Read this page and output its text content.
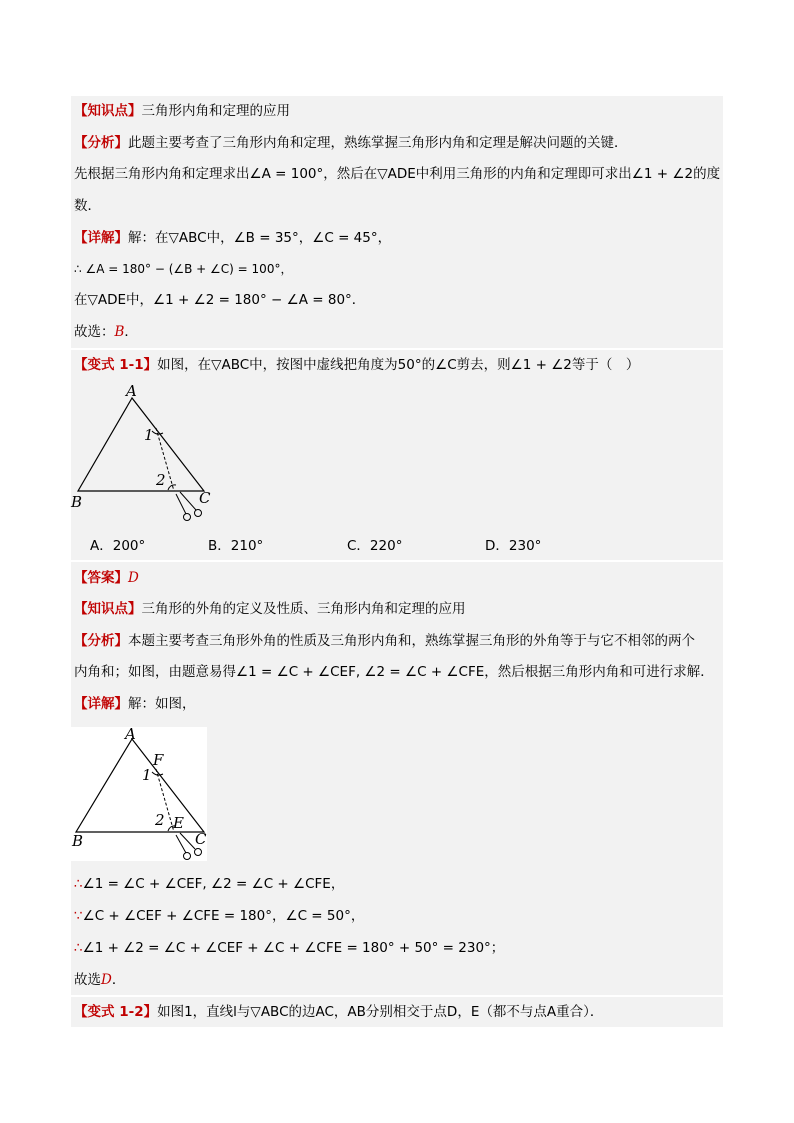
【知识点】三角形内角和定理的应用
【分析】此题主要考查了三角形内角和定理，熟练掌握三角形内角和定理是解决问题的关键．
先根据三角形内角和定理求出∠A = 100°，然后在▽ADE中利用三角形的内角和定理即可求出∠1 + ∠2的度
数．
【详解】解：在▽ABC中，∠B = 35°，∠C = 45°，
∴ ∠A = 180° − (∠B + ∠C) = 100°，
在▽ADE中，∠1 + ∠2 = 180° − ∠A = 80°．
故选：B．
【变式 1-1】如图，在▽ABC中，按图中虚线把角度为50°的∠C剪去，则∠1 + ∠2等于（　）
A
B	C
1
2
A．200°	B．210°	C．220°	D．230°
【答案】D
【知识点】三角形的外角的定义及性质、三角形内角和定理的应用
【分析】本题主要考查三角形外角的性质及三角形内角和，熟练掌握三角形的外角等于与它不相邻的两个
内角和；如图，由题意易得∠1 = ∠C + ∠CEF, ∠2 = ∠C + ∠CFE，然后根据三角形内角和可进行求解．
【详解】解：如图，
A
B	C
F
E
1
2
∴∠1 = ∠C + ∠CEF, ∠2 = ∠C + ∠CFE，
∵∠C + ∠CEF + ∠CFE = 180°，∠C = 50°，
∴∠1 + ∠2 = ∠C + ∠CEF + ∠C + ∠CFE = 180° + 50° = 230°；
故选D．
【变式 1-2】如图1，直线l与▽ABC的边AC，AB分别相交于点D，E（都不与点A重合）．
